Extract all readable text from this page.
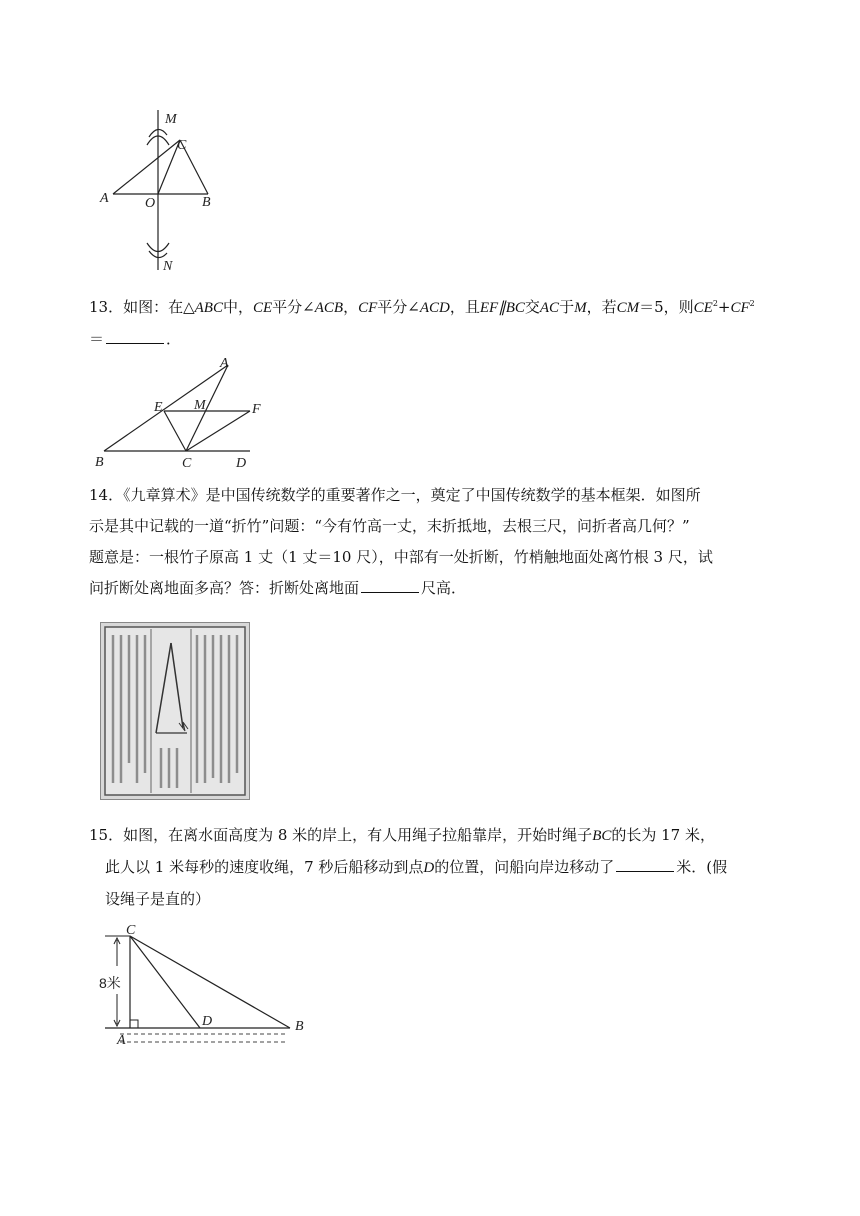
M
C
A	O	B
N
13．如图：在△ABC中，CE平分∠ACB，CF平分∠ACD，且EF∥BC交AC于M，若CM＝5，则$CE^2+CF^2$
＝	．
A
E M	F
B	C	D
14．《九章算术》是中国传统数学的重要著作之一，奠定了中国传统数学的基本框架．如图所
示是其中记载的一道“折竹”问题：“今有竹高一丈，末折抵地，去根三尺，问折者高几何？”
题意是：一根竹子原高 1 丈（1 丈＝10 尺），中部有一处折断，竹梢触地面处离竹根 3 尺，试
问折断处离地面多高？答：折断处离地面	尺高．
15．如图，在离水面高度为 8 米的岸上，有人用绳子拉船靠岸，开始时绳子BC的长为 17 米，
此人以 1 米每秒的速度收绳，7 秒后船移动到点D的位置，问船向岸边移动了	米．(假
设绳子是直的）
C
8米
D
A
B
